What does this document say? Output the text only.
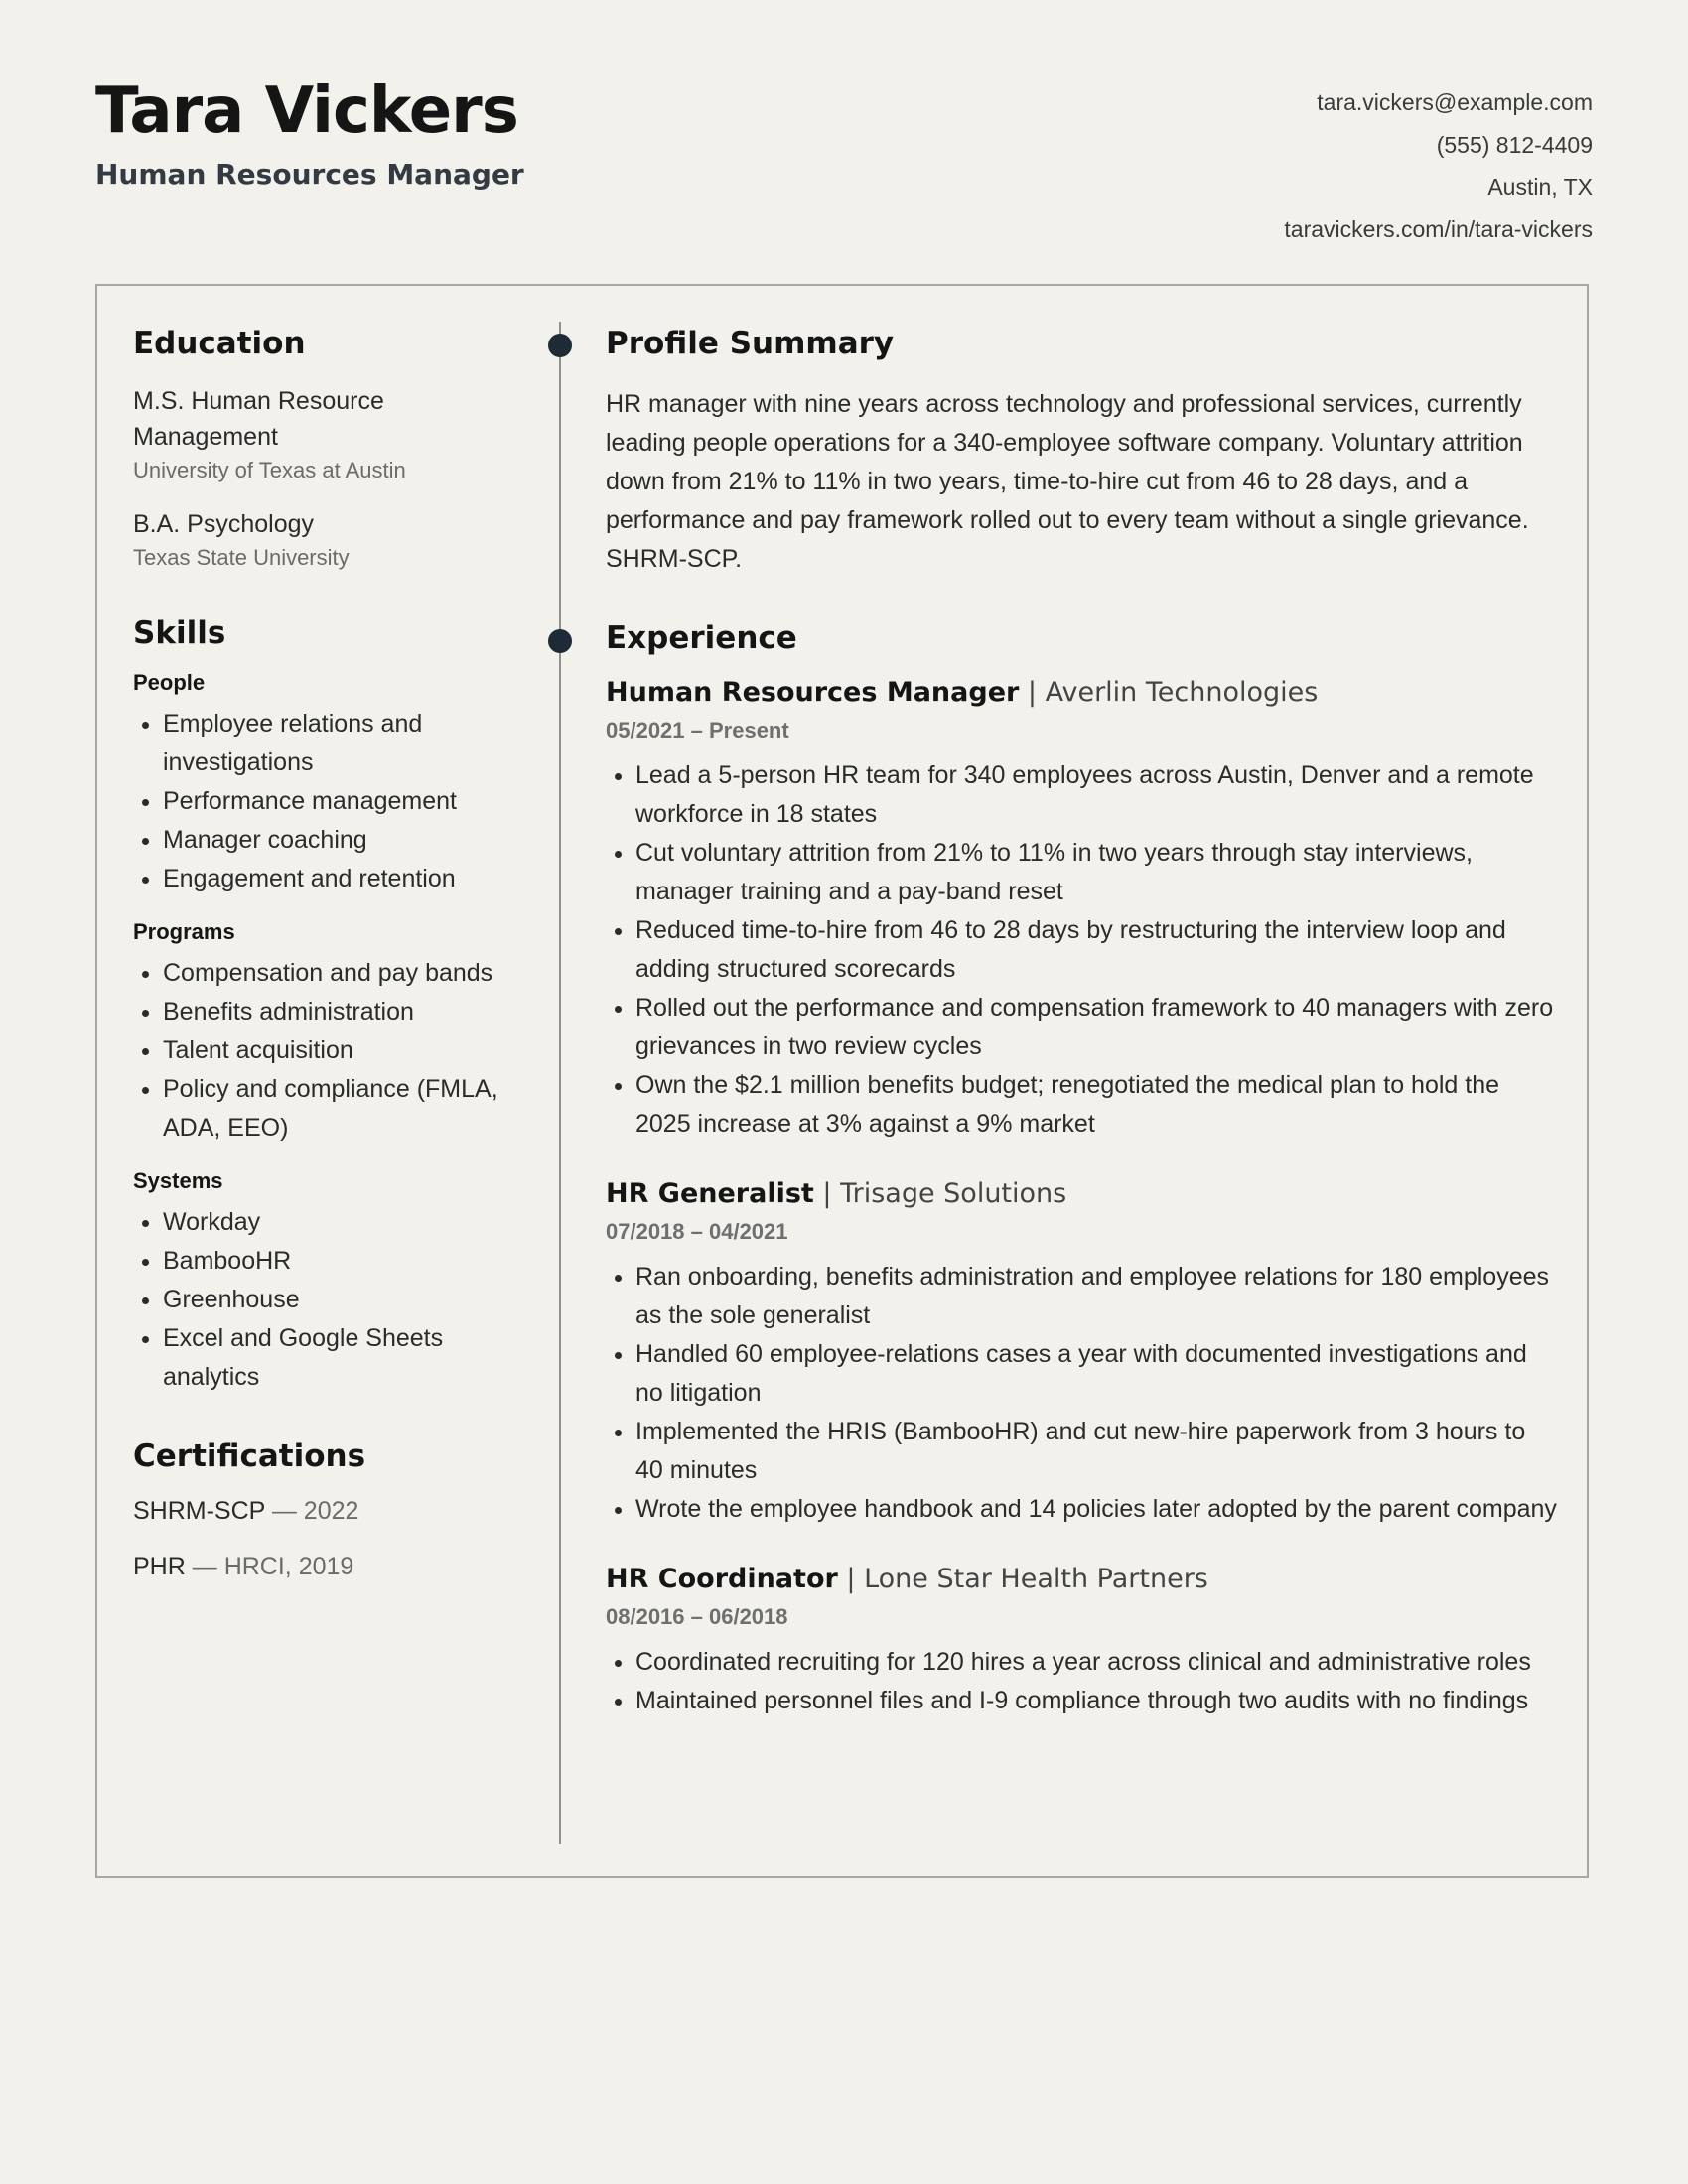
Tara Vickers
Human Resources Manager
tara.vickers@example.com
(555) 812-4409
Austin, TX
taravickers.com/in/tara-vickers
Education
M.S. Human Resource Management
University of Texas at Austin
B.A. Psychology
Texas State University
Skills
People
• Employee relations and investigations
• Performance management
• Manager coaching
• Engagement and retention
Programs
• Compensation and pay bands
• Benefits administration
• Talent acquisition
• Policy and compliance (FMLA, ADA, EEO)
Systems
• Workday
• BambooHR
• Greenhouse
• Excel and Google Sheets analytics
Certifications
SHRM-SCP — 2022
PHR — HRCI, 2019
Profile Summary
HR manager with nine years across technology and professional services, currently leading people operations for a 340-employee software company. Voluntary attrition down from 21% to 11% in two years, time-to-hire cut from 46 to 28 days, and a performance and pay framework rolled out to every team without a single grievance. SHRM-SCP.
Experience
Human Resources Manager | Averlin Technologies
05/2021 – Present
• Lead a 5-person HR team for 340 employees across Austin, Denver and a remote workforce in 18 states
• Cut voluntary attrition from 21% to 11% in two years through stay interviews, manager training and a pay-band reset
• Reduced time-to-hire from 46 to 28 days by restructuring the interview loop and adding structured scorecards
• Rolled out the performance and compensation framework to 40 managers with zero grievances in two review cycles
• Own the $2.1 million benefits budget; renegotiated the medical plan to hold the 2025 increase at 3% against a 9% market
HR Generalist | Trisage Solutions
07/2018 – 04/2021
• Ran onboarding, benefits administration and employee relations for 180 employees as the sole generalist
• Handled 60 employee-relations cases a year with documented investigations and no litigation
• Implemented the HRIS (BambooHR) and cut new-hire paperwork from 3 hours to 40 minutes
• Wrote the employee handbook and 14 policies later adopted by the parent company
HR Coordinator | Lone Star Health Partners
08/2016 – 06/2018
• Coordinated recruiting for 120 hires a year across clinical and administrative roles
• Maintained personnel files and I-9 compliance through two audits with no findings
